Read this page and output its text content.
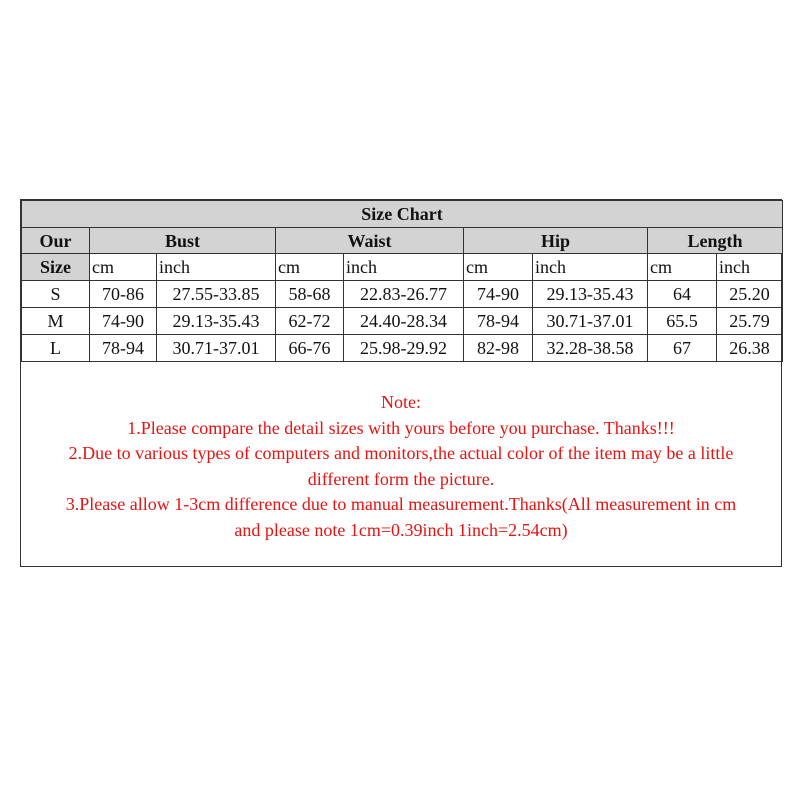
Size Chart								
Our	Bust		Waist		Hip		Length	
Size	cm	inch	cm	inch	cm	inch	cm	inch
S	70-86	27.55-33.85	58-68	22.83-26.77	74-90	29.13-35.43	64	25.20
M	74-90	29.13-35.43	62-72	24.40-28.34	78-94	30.71-37.01	65.5	25.79
L	78-94	30.71-37.01	66-76	25.98-29.92	82-98	32.28-38.58	67	26.38
Note:
1.Please compare the detail sizes with yours before you purchase. Thanks!!!
2.Due to various types of computers and monitors,the actual color of the item may be a little
different form the picture.
3.Please allow 1-3cm difference due to manual measurement.Thanks(All measurement in cm
and please note 1cm=0.39inch 1inch=2.54cm)
